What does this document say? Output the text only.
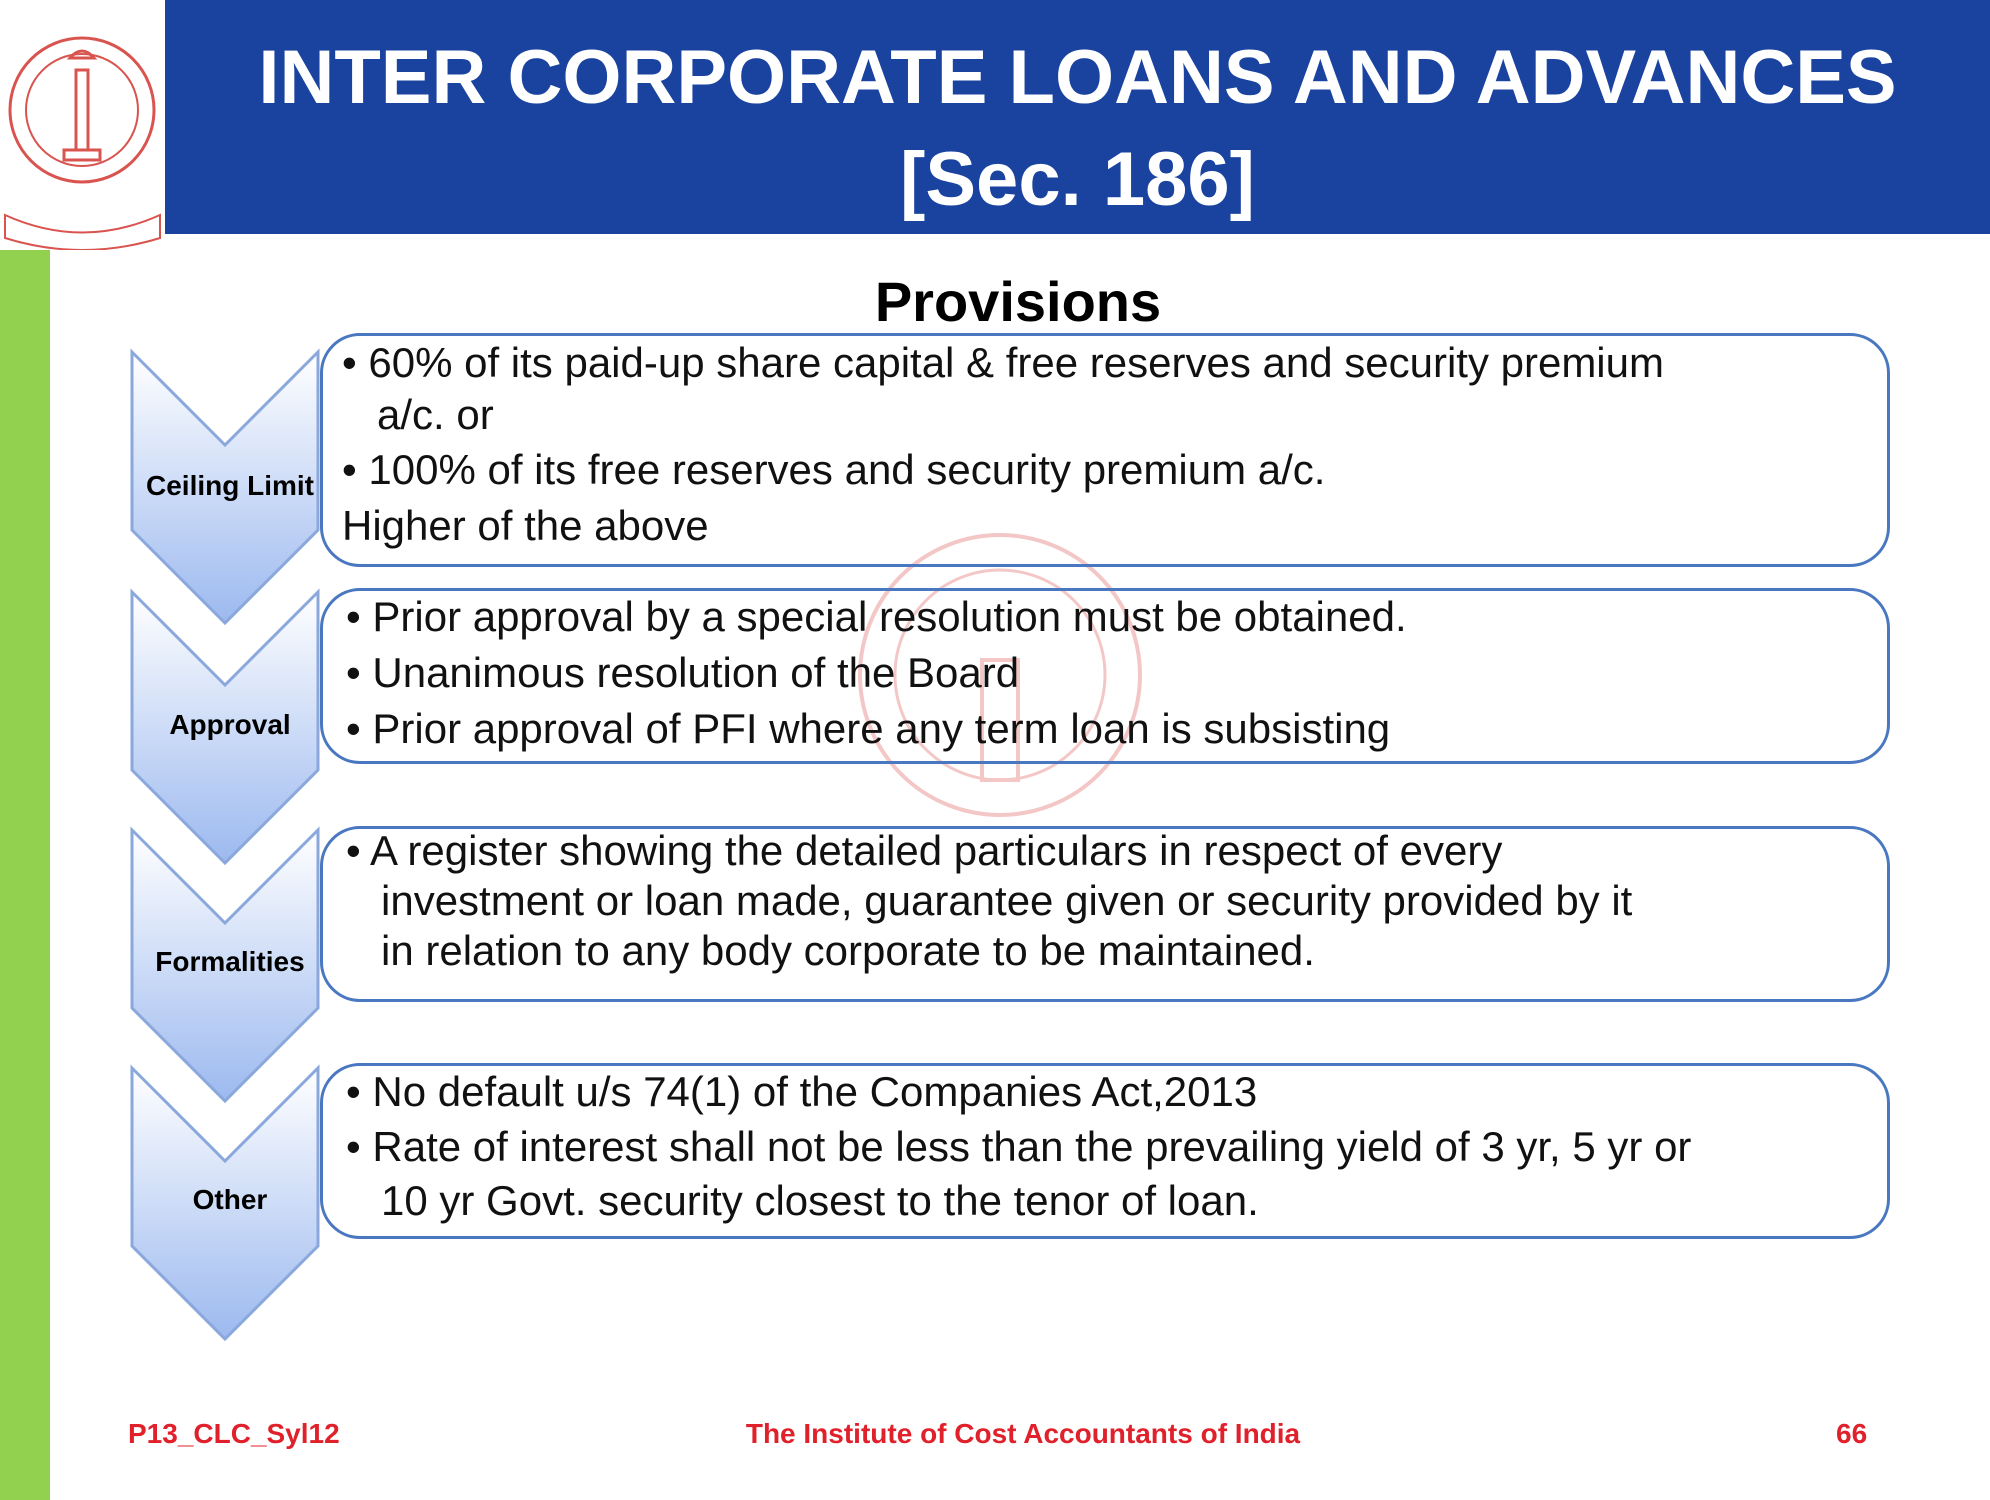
INTER CORPORATE LOANS AND ADVANCES
[Sec. 186]
Provisions
Ceiling Limit
Approval
Formalities
Other
• 60% of its paid-up share capital & free reserves and security premium
a/c. or
• 100% of its free reserves and security premium a/c.
Higher of the above
• Prior approval by a special resolution must be obtained.
• Unanimous resolution of the Board
• Prior approval of PFI where any term loan is subsisting
• A register showing the detailed particulars in respect of every
investment or loan made, guarantee given or security provided by it
in relation to any body corporate to be maintained.
• No default u/s 74(1) of the Companies Act,2013
• Rate of interest shall not be less than the prevailing yield of 3 yr, 5 yr or
10 yr Govt. security closest to the tenor of loan.
P13_CLC_Syl12	The Institute of Cost Accountants of India	66
